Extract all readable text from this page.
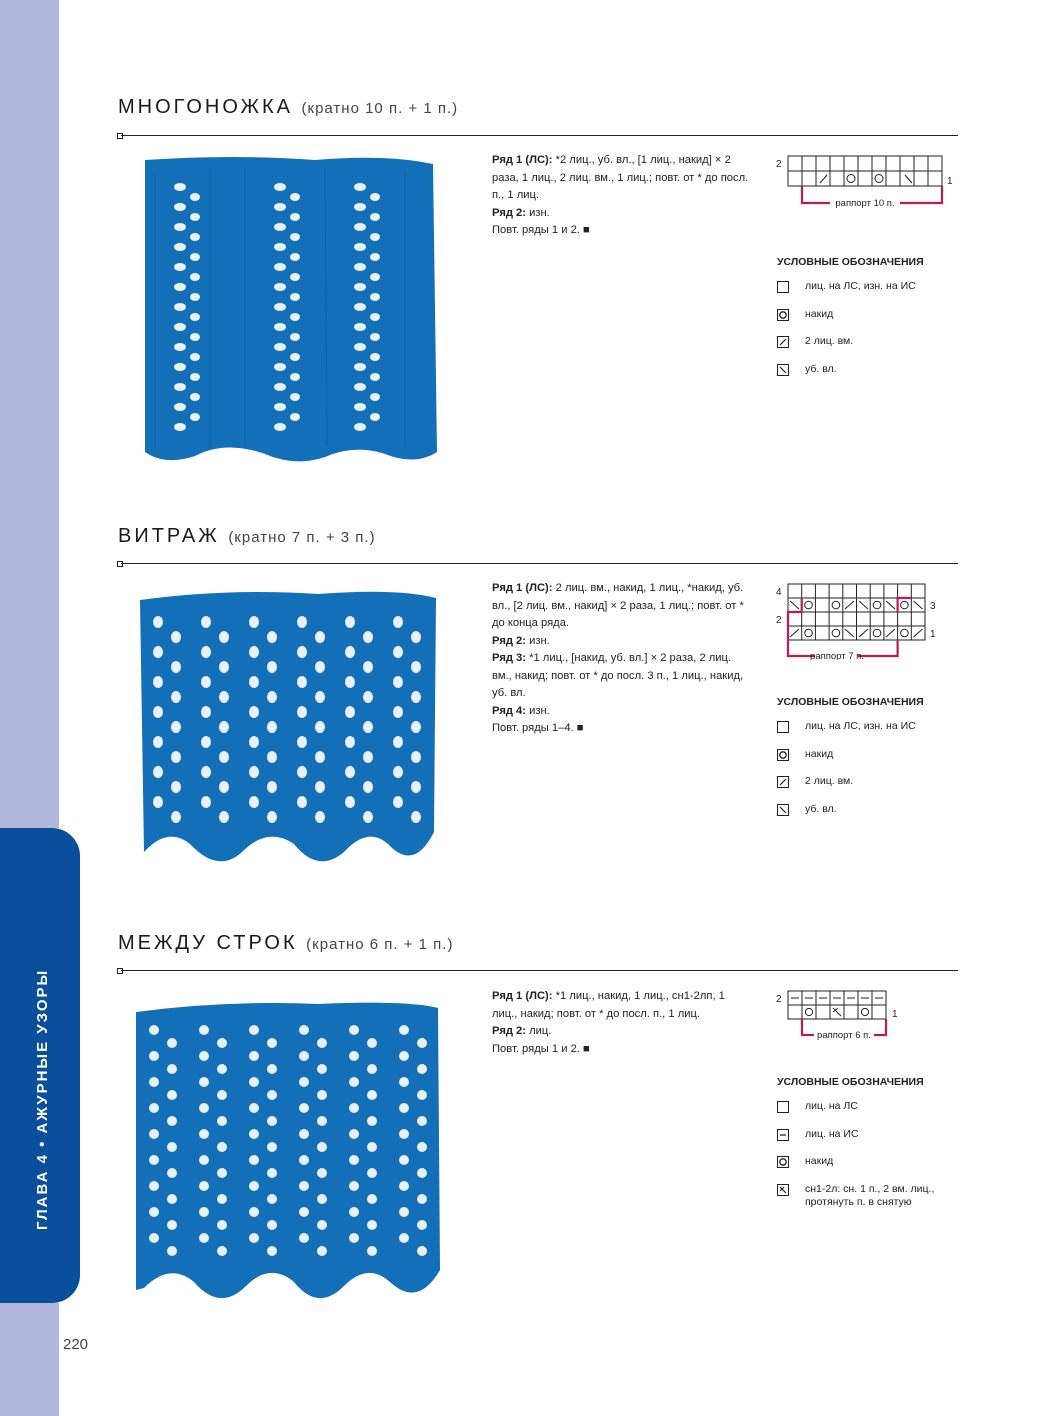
ГЛАВА 4 • АЖУРНЫЕ УЗОРЫ
220
МНОГОНОЖКА (кратно 10 п. + 1 п.)

Ряд 1 (ЛС): *2 лиц., уб. вл., [1 лиц., накид] × 2 раза, 1 лиц., 2 лиц. вм., 1 лиц.; повт. от * до посл. п., 1 лиц.

Ряд 2: изн.

Повт. ряды 1 и 2. ■

2
1
раппорт 10 п.
УСЛОВНЫЕ ОБОЗНАЧЕНИЯ
лиц. на ЛС, изн. на ИС
накид
2 лиц. вм.
уб. вл.
ВИТРАЖ (кратно 7 п. + 3 п.)

Ряд 1 (ЛС): 2 лиц. вм., накид, 1 лиц., *накид, уб. вл., [2 лиц. вм., накид] × 2 раза, 1 лиц.; повт. от * до конца ряда.

Ряд 2: изн.

Ряд 3: *1 лиц., [накид, уб. вл.] × 2 раза, 2 лиц. вм., накид; повт. от * до посл. 3 п., 1 лиц., накид, уб. вл.

Ряд 4: изн.

Повт. ряды 1–4. ■

4
3
2
1
раппорт 7 п.
УСЛОВНЫЕ ОБОЗНАЧЕНИЯ
лиц. на ЛС, изн. на ИС
накид
2 лиц. вм.
уб. вл.
МЕЖДУ СТРОК (кратно 6 п. + 1 п.)

Ряд 1 (ЛС): *1 лиц., накид, 1 лиц., сн1-2лп, 1 лиц., накид; повт. от * до посл. п., 1 лиц.

Ряд 2: лиц.

Повт. ряды 1 и 2. ■

2
1
раппорт 6 п.
УСЛОВНЫЕ ОБОЗНАЧЕНИЯ
лиц. на ЛС
лиц. на ИС
накид
сн1-2л: сн. 1 п., 2 вм. лиц., протянуть п. в снятую
